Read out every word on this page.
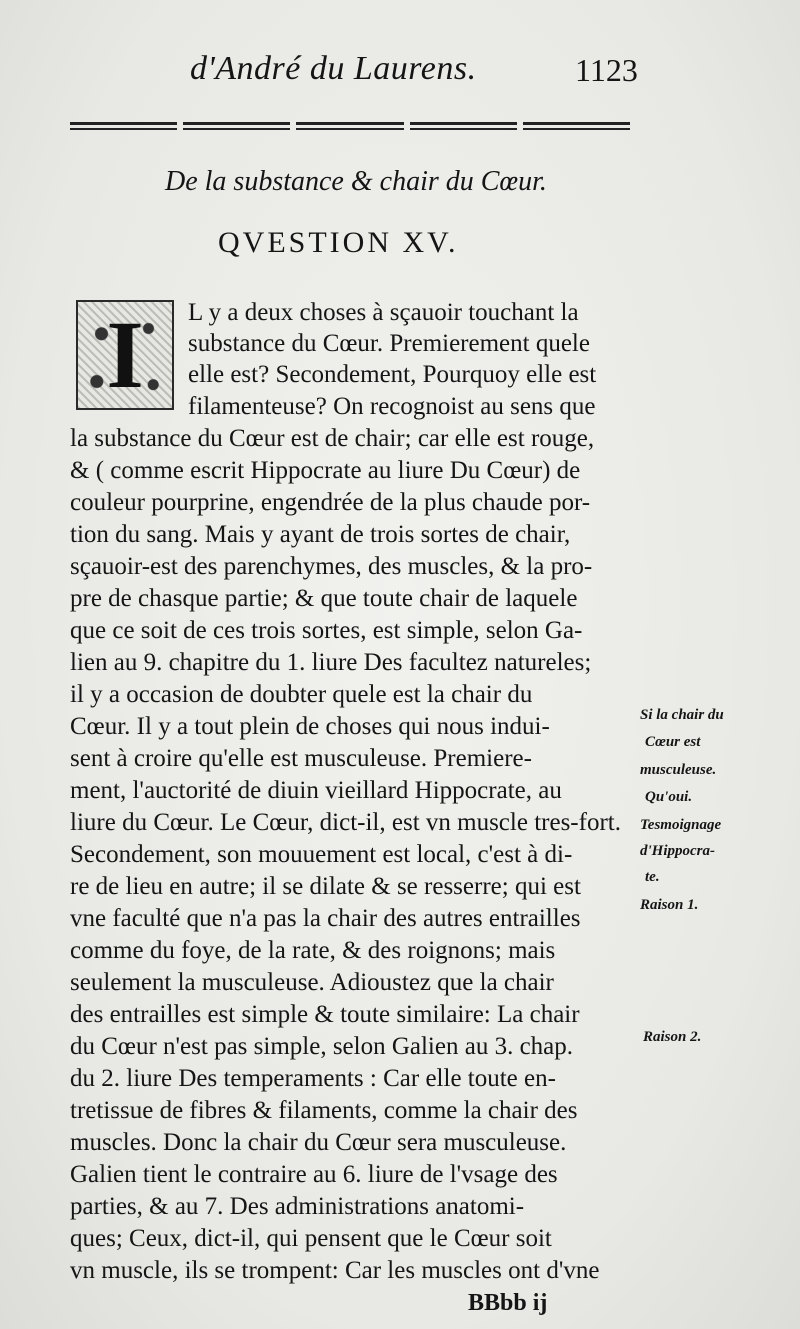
d'André du Laurens.	1123
De la substance & chair du Cœur.
QVESTION XV.
I L y a deux choses à sçauoir touchant la
substance du Cœur. Premierement quele
elle est? Secondement, Pourquoy elle est
filamenteuse? On recognoist au sens que
la substance du Cœur est de chair; car elle est rouge,
& ( comme escrit Hippocrate au liure Du Cœur) de
couleur pourprine, engendrée de la plus chaude por-
tion du sang. Mais y ayant de trois sortes de chair,
sçauoir-est des parenchymes, des muscles, & la pro-
pre de chasque partie; & que toute chair de laquele
que ce soit de ces trois sortes, est simple, selon Ga-
lien au 9. chapitre du 1. liure Des facultez natureles;
il y a occasion de doubter quele est la chair du
Cœur. Il y a tout plein de choses qui nous indui-
sent à croire qu'elle est musculeuse. Premiere-
ment, l'auctorité de diuin vieillard Hippocrate, au
liure du Cœur. Le Cœur, dict-il, est vn muscle tres-fort.
Secondement, son mouuement est local, c'est à di-
re de lieu en autre; il se dilate & se resserre; qui est
vne faculté que n'a pas la chair des autres entrailles
comme du foye, de la rate, & des roignons; mais
seulement la musculeuse. Adioustez que la chair
des entrailles est simple & toute similaire: La chair
du Cœur n'est pas simple, selon Galien au 3. chap.
du 2. liure Des temperaments : Car elle toute en-
tretissue de fibres & filaments, comme la chair des
muscles. Donc la chair du Cœur sera musculeuse.
Galien tient le contraire au 6. liure de l'vsage des
parties, & au 7. Des administrations anatomi-
ques; Ceux, dict-il, qui pensent que le Cœur soit
vn muscle, ils se trompent: Car les muscles ont d'vne
Si la chair du
Cœur est
musculeuse.
Qu'oui.
Tesmoignage
d'Hippocra-
te.
Raison 1.
Raison 2.
BBbb ij
